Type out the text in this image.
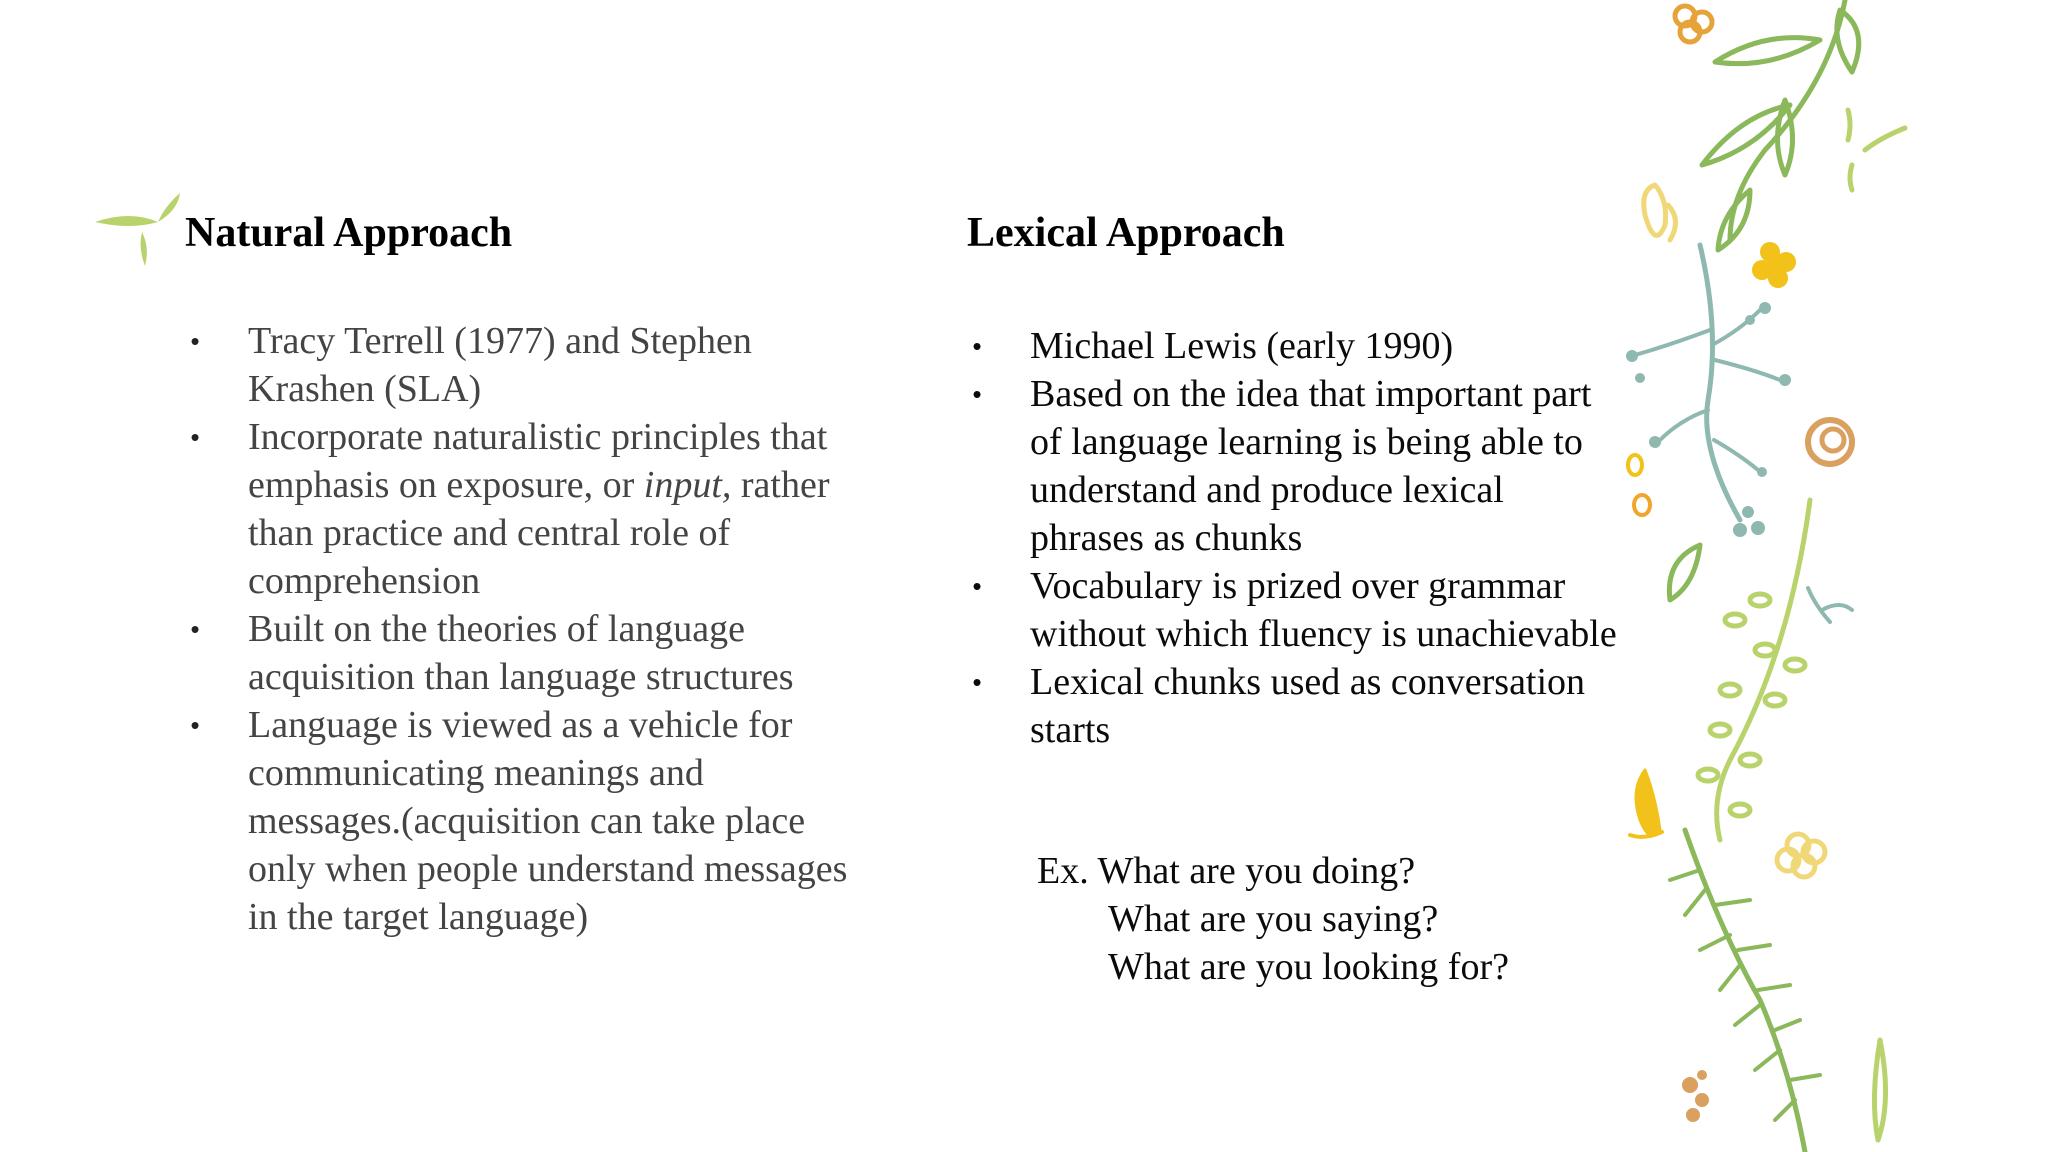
Natural Approach
• Tracy Terrell (1977) and Stephen Krashen (SLA)
• Incorporate naturalistic principles that emphasis on exposure, or input, rather than practice and central role of comprehension
• Built on the theories of language acquisition than language structures
• Language is viewed as a vehicle for communicating meanings and messages.(acquisition can take place only when people understand messages in the target language)
Lexical Approach
• Michael Lewis (early 1990)
• Based on the idea that important part of language learning is being able to understand and produce lexical phrases as chunks
• Vocabulary is prized over grammar without which fluency is unachievable
• Lexical chunks used as conversation starts
Ex. What are you doing?
What are you saying?
What are you looking for?
